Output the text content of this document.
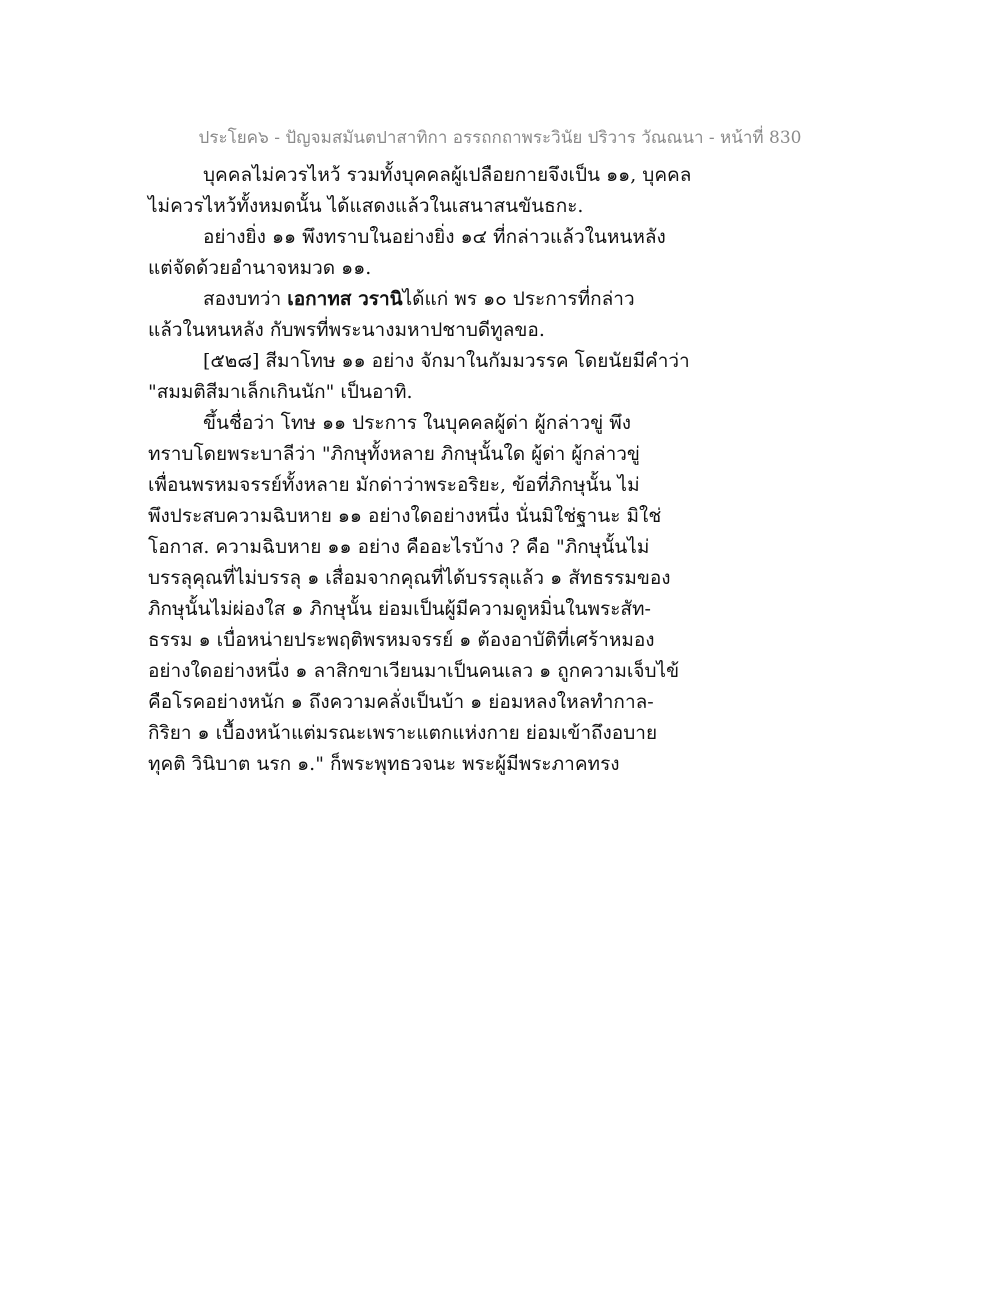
ประโยค๖ - ปัญจมสมันตปาสาทิกา อรรถกถาพระวินัย ปริวาร วัณณนา - หน้าที่ 830
บุคคลไม่ควรไหว้ รวมทั้งบุคคลผู้เปลือยกายจึงเป็น ๑๑, บุคคล
ไม่ควรไหว้ทั้งหมดนั้น ได้แสดงแล้วในเสนาสนขันธกะ.
อย่างยิ่ง ๑๑ พึงทราบในอย่างยิ่ง ๑๔ ที่กล่าวแล้วในหนหลัง
แต่จัดด้วยอำนาจหมวด ๑๑.
สองบทว่า เอกาทส วรานิได้แก่ พร ๑๐ ประการที่กล่าว
แล้วในหนหลัง กับพรที่พระนางมหาปชาบดีทูลขอ.
[๕๒๘] สีมาโทษ ๑๑ อย่าง จักมาในกัมมวรรค โดยนัยมีคำว่า
"สมมติสีมาเล็กเกินนัก" เป็นอาทิ.
ขึ้นชื่อว่า โทษ ๑๑ ประการ ในบุคคลผู้ด่า ผู้กล่าวขู่ พึง
ทราบโดยพระบาลีว่า "ภิกษุทั้งหลาย ภิกษุนั้นใด ผู้ด่า ผู้กล่าวขู่
เพื่อนพรหมจรรย์ทั้งหลาย มักด่าว่าพระอริยะ, ข้อที่ภิกษุนั้น ไม่
พึงประสบความฉิบหาย ๑๑ อย่างใดอย่างหนึ่ง นั่นมิใช่ฐานะ มิใช่
โอกาส. ความฉิบหาย ๑๑ อย่าง คืออะไรบ้าง ? คือ "ภิกษุนั้นไม่
บรรลุคุณที่ไม่บรรลุ ๑ เสื่อมจากคุณที่ได้บรรลุแล้ว ๑ สัทธรรมของ
ภิกษุนั้นไม่ผ่องใส ๑ ภิกษุนั้น ย่อมเป็นผู้มีความดูหมิ่นในพระสัท-
ธรรม ๑ เบื่อหน่ายประพฤติพรหมจรรย์ ๑ ต้องอาบัติที่เศร้าหมอง
อย่างใดอย่างหนึ่ง ๑ ลาสิกขาเวียนมาเป็นคนเลว ๑ ถูกความเจ็บไข้
คือโรคอย่างหนัก ๑ ถึงความคลั่งเป็นบ้า ๑ ย่อมหลงใหลทำกาล-
กิริยา ๑ เบื้องหน้าแต่มรณะเพราะแตกแห่งกาย ย่อมเข้าถึงอบาย
ทุคติ วินิบาต นรก ๑." ก็พระพุทธวจนะ พระผู้มีพระภาคทรง
